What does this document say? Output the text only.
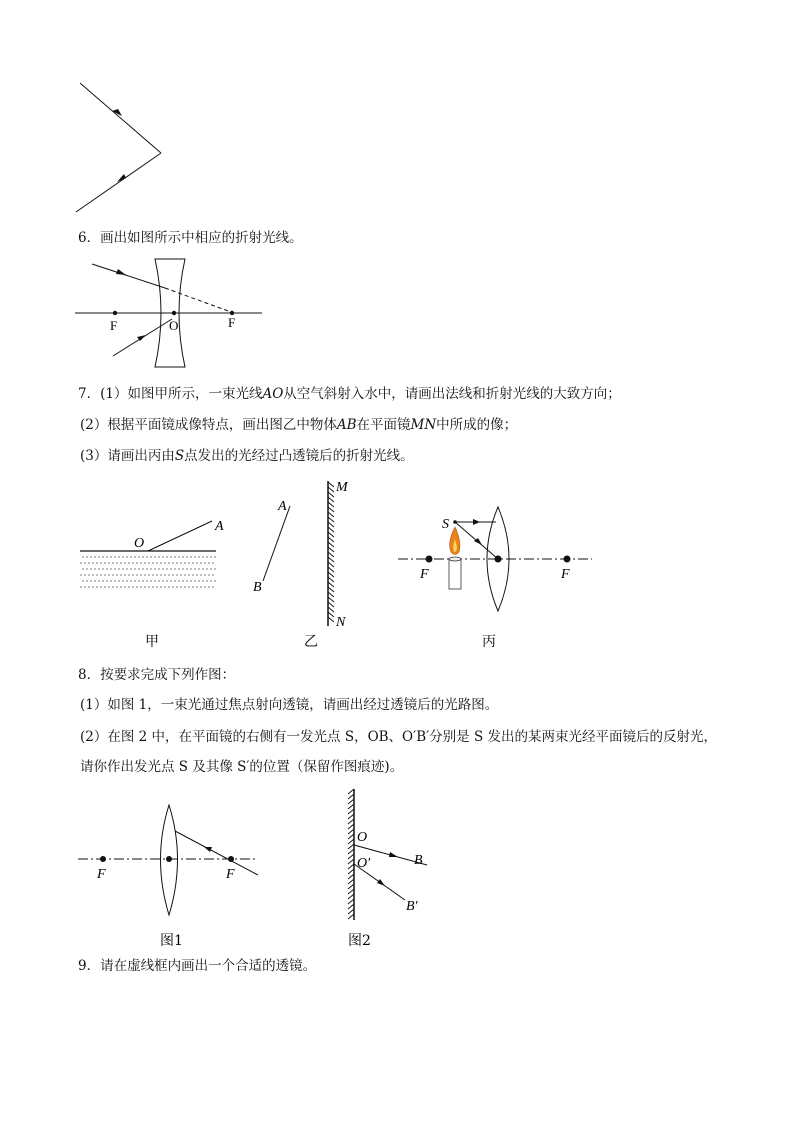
6．画出如图所示中相应的折射光线。
F	O	F
7．(1）如图甲所示，一束光线AO从空气斜射入水中，请画出法线和折射光线的大致方向；
(2）根据平面镜成像特点，画出图乙中物体AB在平面镜MN中所成的像；
(3）请画出丙由S点发出的光经过凸透镜后的折射光线。
O
A
甲
A
B
M
N
乙
S
F	F
丙
8．按要求完成下列作图：
(1）如图 1，一束光通过焦点射向透镜，请画出经过透镜后的光路图。
(2）在图 2 中，在平面镜的右侧有一发光点 S，OB、O′B′分别是 S 发出的某两束光经平面镜后的反射光，
请你作出发光点 S 及其像 S′的位置（保留作图痕迹)。
F	F
图1
O
O′	B
B′
图2
9．请在虚线框内画出一个合适的透镜。
